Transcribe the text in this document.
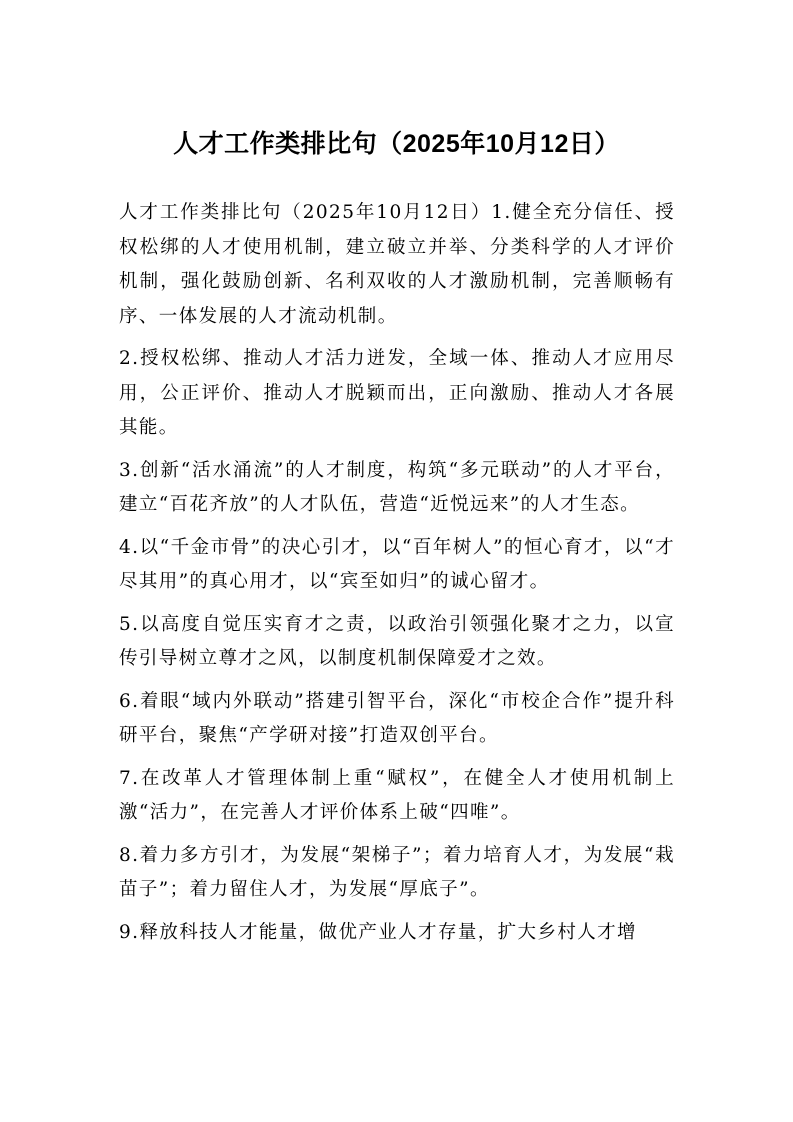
人才工作类排比句（2025年10月12日）

人才工作类排比句（2025年10月12日）1.健全充分信任、授权松绑的人才使用机制，建立破立并举、分类科学的人才评价机制，强化鼓励创新、名利双收的人才激励机制，完善顺畅有序、一体发展的人才流动机制。

2.授权松绑、推动人才活力迸发，全域一体、推动人才应用尽用，公正评价、推动人才脱颖而出，正向激励、推动人才各展其能。

3.创新“活水涌流”的人才制度，构筑“多元联动”的人才平台，建立“百花齐放”的人才队伍，营造“近悦远来”的人才生态。

4.以“千金市骨”的决心引才，以“百年树人”的恒心育才，以“才尽其用”的真心用才，以“宾至如归”的诚心留才。

5.以高度自觉压实育才之责，以政治引领强化聚才之力，以宣传引导树立尊才之风，以制度机制保障爱才之效。

6.着眼“域内外联动”搭建引智平台，深化“市校企合作”提升科研平台，聚焦“产学研对接”打造双创平台。

7.在改革人才管理体制上重“赋权”，在健全人才使用机制上激“活力”，在完善人才评价体系上破“四唯”。

8.着力多方引才，为发展“架梯子”；着力培育人才，为发展“栽苗子”；着力留住人才，为发展“厚底子”。

9.释放科技人才能量，做优产业人才存量，扩大乡村人才增
